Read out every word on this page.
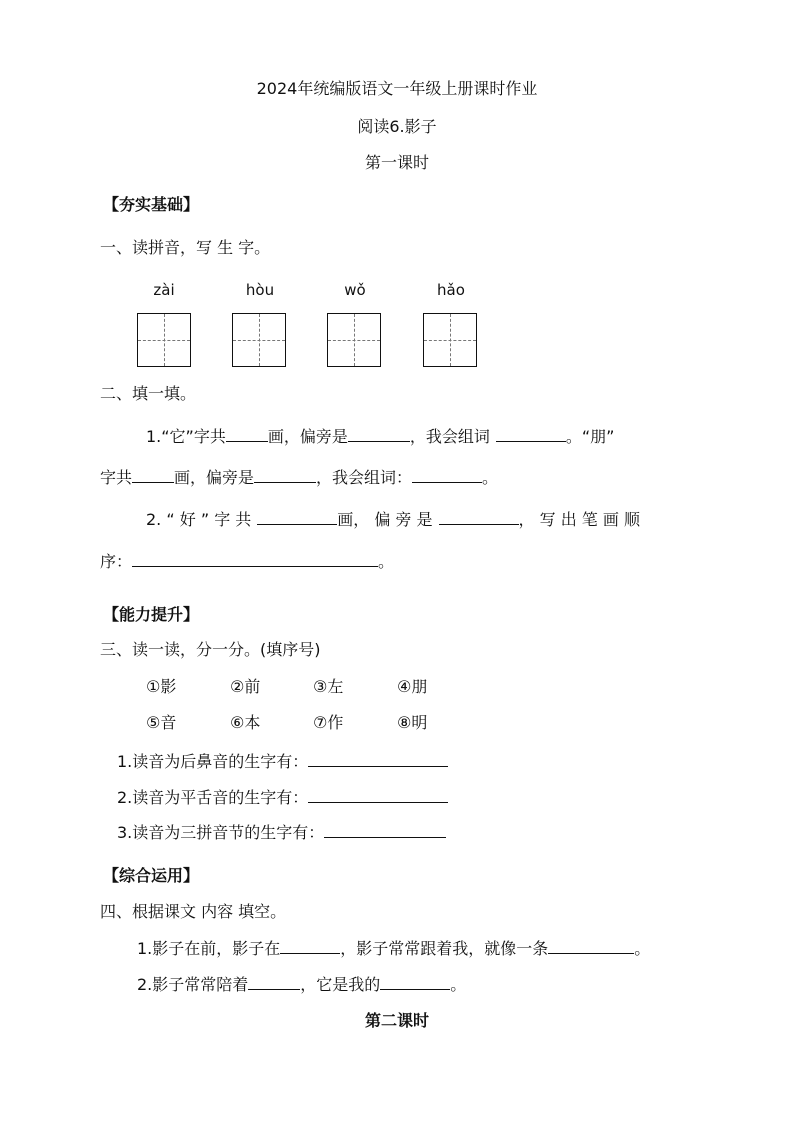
2024年统编版语文一年级上册课时作业
阅读6.影子
第一课时
【夯实基础】
一、读拼音，写 生 字。
zài	hòu	wǒ	hǎo
二、填一填。
1.“它”字共	画，偏旁是	，我会组词	。“朋”
字共	画，偏旁是	，我会组词：	。
2. “ 好 ” 字 共	画， 偏 旁 是	， 写 出 笔 画 顺
序：	。
【能力提升】
三、读一读，分一分。(填序号)
①影	②前	③左	④朋
⑤音	⑥本	⑦作	⑧明
1.读音为后鼻音的生字有：
2.读音为平舌音的生字有：
3.读音为三拼音节的生字有：
【综合运用】
四、根据课文 内容 填空。
1.影子在前，影子在	，影子常常跟着我，就像一条	。
2.影子常常陪着	，它是我的	。
第二课时
